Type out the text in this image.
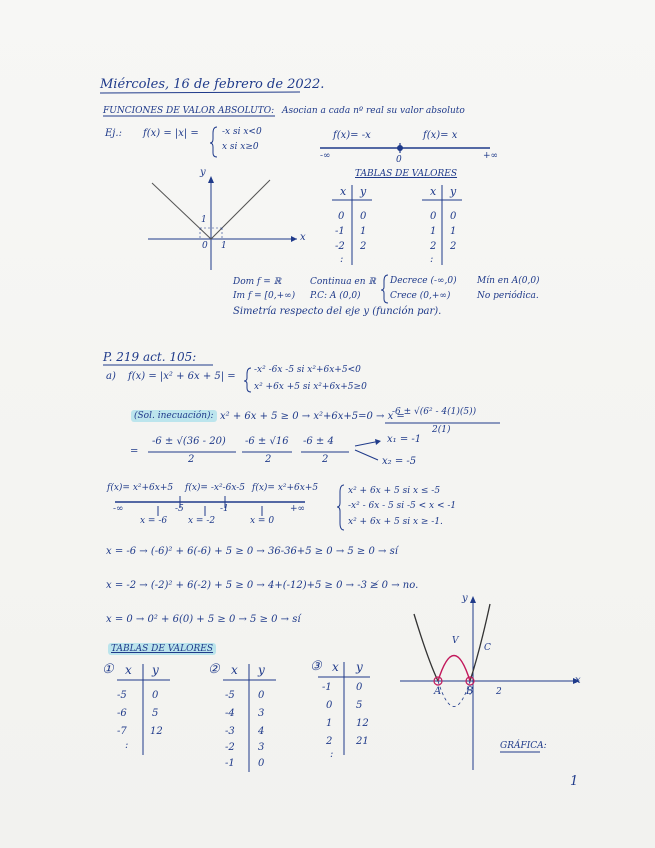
Miércoles, 16 de febrero de 2022.
FUNCIONES DE VALOR ABSOLUTO: Asocian a cada nº real su valor absoluto
Ej.: f(x) = |x| =	-x si x<0
x si x≥0
f(x)= -x	f(x)= x
-∞	+∞
0
TABLAS DE VALORES
x y
0 0
-1 1
-2 2
:
x y
0 0
1 1
2 2
:
y
x
1
1
0
Dom f = ℝ
Im f = [0,+∞)
Continua en ℝ
P.C: A (0,0)
Decrece (-∞,0)
Crece (0,+∞)
Mín en A(0,0)
No periódica.
Simetría respecto del eje y (función par).
P. 219 act. 105:
a) f(x) = |x² + 6x + 5| =
-x² -6x -5 si x²+6x+5<0
x² +6x +5 si x²+6x+5≥0
(Sol. inecuación): x² + 6x + 5 ≥ 0 → x²+6x+5=0 → x =
-6 ± √(6² - 4(1)(5))
2(1)
=
-6 ± √(36 - 20)
2
-6 ± √16
2
-6 ± 4
2
x₁ = -1
x₂ = -5
f(x)= x²+6x+5 f(x)= -x²-6x-5 f(x)= x²+6x+5
-∞	+∞
-5	-1
x = -6 x = -2	x = 0
x² + 6x + 5 si x ≤ -5
-x² - 6x - 5 si -5 < x < -1
x² + 6x + 5 si x ≥ -1.
x = -6 → (-6)² + 6(-6) + 5 ≥ 0 → 36-36+5 ≥ 0 → 5 ≥ 0 → sí
x = -2 → (-2)² + 6(-2) + 5 ≥ 0 → 4+(-12)+5 ≥ 0 → -3 ≱ 0 → no.
x = 0 → 0² + 6(0) + 5 ≥ 0 → 5 ≥ 0 → sí
TABLAS DE VALORES
① x y
-5	0
-6	5
-7 12
:
② x y
-5 0
-4 3
-3 4
-2 3
-1 0
③ x y
-1 0
0 5
1 12
2 21
:
y
x
A B
C
V
2
GRÁFICA:
1
